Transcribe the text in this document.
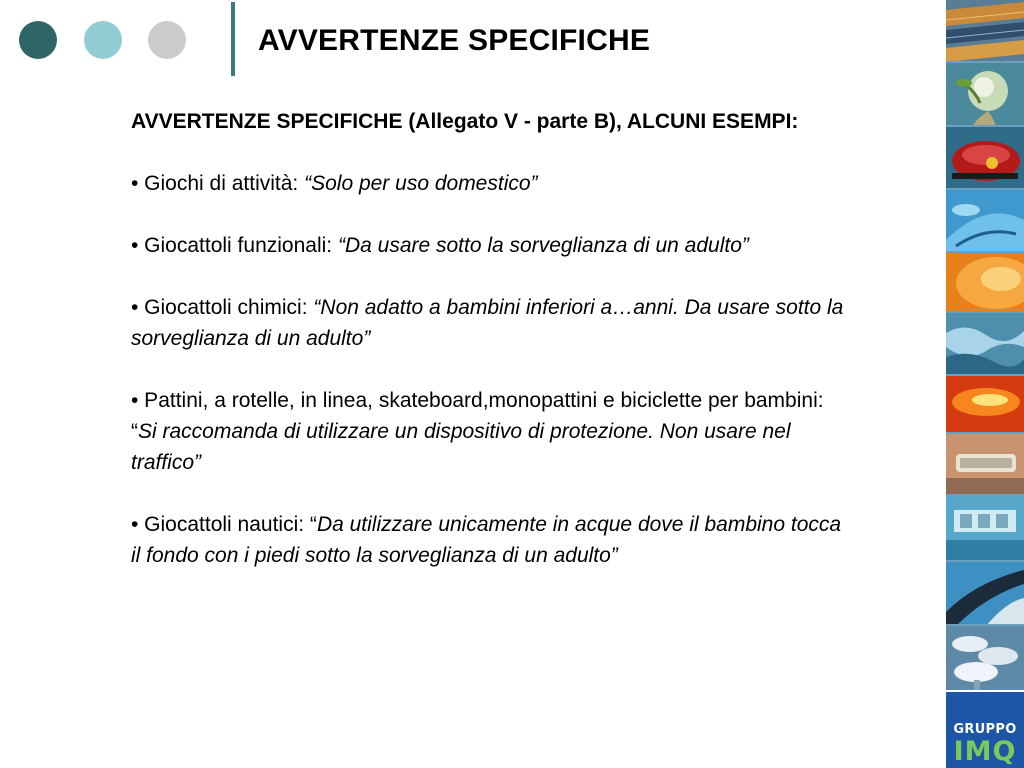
AVVERTENZE SPECIFICHE

AVVERTENZE SPECIFICHE (Allegato V - parte B), ALCUNI ESEMPI:

• Giochi di attività: “Solo per uso domestico”

• Giocattoli funzionali: “Da usare sotto la sorveglianza di un adulto”

• Giocattoli chimici: “Non adatto a bambini inferiori a…anni. Da usare sotto la sorveglianza di un adulto”

• Pattini, a rotelle, in linea, skateboard,monopattini e biciclette per bambini: “Si raccomanda di utilizzare un dispositivo di protezione. Non usare nel traffico”

• Giocattoli nautici: “Da utilizzare unicamente in acque dove il bambino tocca il fondo con i piedi sotto la sorveglianza di un adulto”

GRUPPO
IMQ
